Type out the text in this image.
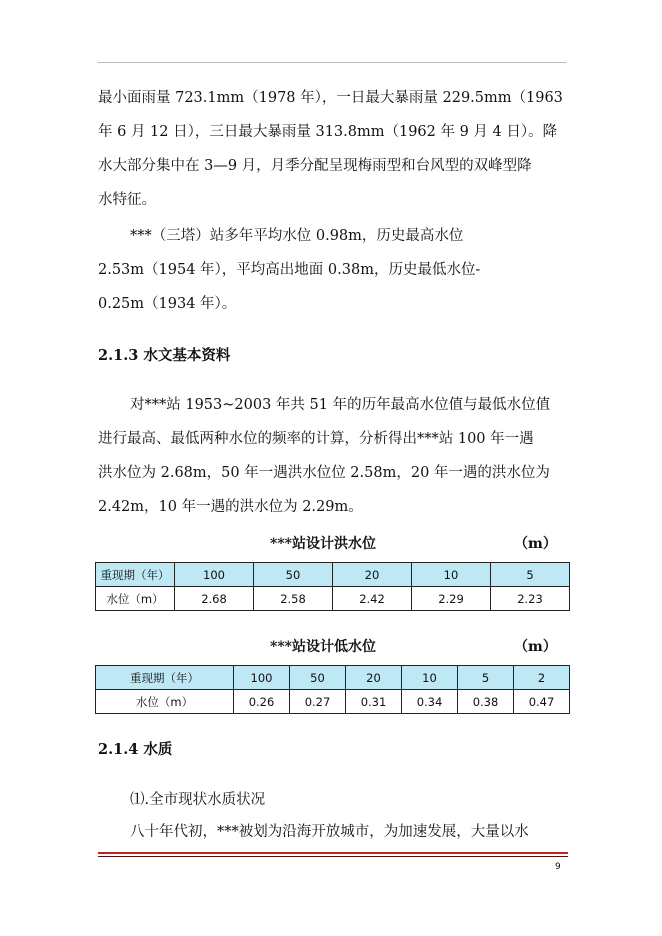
最小面雨量 723.1mm（1978 年），一日最大暴雨量 229.5mm（1963
年 6 月 12 日），三日最大暴雨量 313.8mm（1962 年 9 月 4 日）。降
水大部分集中在 3—9 月，月季分配呈现梅雨型和台风型的双峰型降
水特征。
***（三塔）站多年平均水位 0.98m，历史最高水位
2.53m（1954 年），平均高出地面 0.38m，历史最低水位-
0.25m（1934 年）。
2.1.3 水文基本资料
对***站 1953~2003 年共 51 年的历年最高水位值与最低水位值
进行最高、最低两种水位的频率的计算，分析得出***站 100 年一遇
洪水位为 2.68m，50 年一遇洪水位位 2.58m，20 年一遇的洪水位为
2.42m，10 年一遇的洪水位为 2.29m。
***站设计洪水位	（m）
重现期（年）	100	50	20	10	5
水位（m）	2.68	2.58	2.42	2.29	2.23
***站设计低水位	（m）
重现期（年）	100	50	20	10	5	2
水位（m）	0.26	0.27	0.31	0.34	0.38	0.47
2.1.4 水质
⑴.全市现状水质状况
八十年代初，***被划为沿海开放城市，为加速发展，大量以水
9
